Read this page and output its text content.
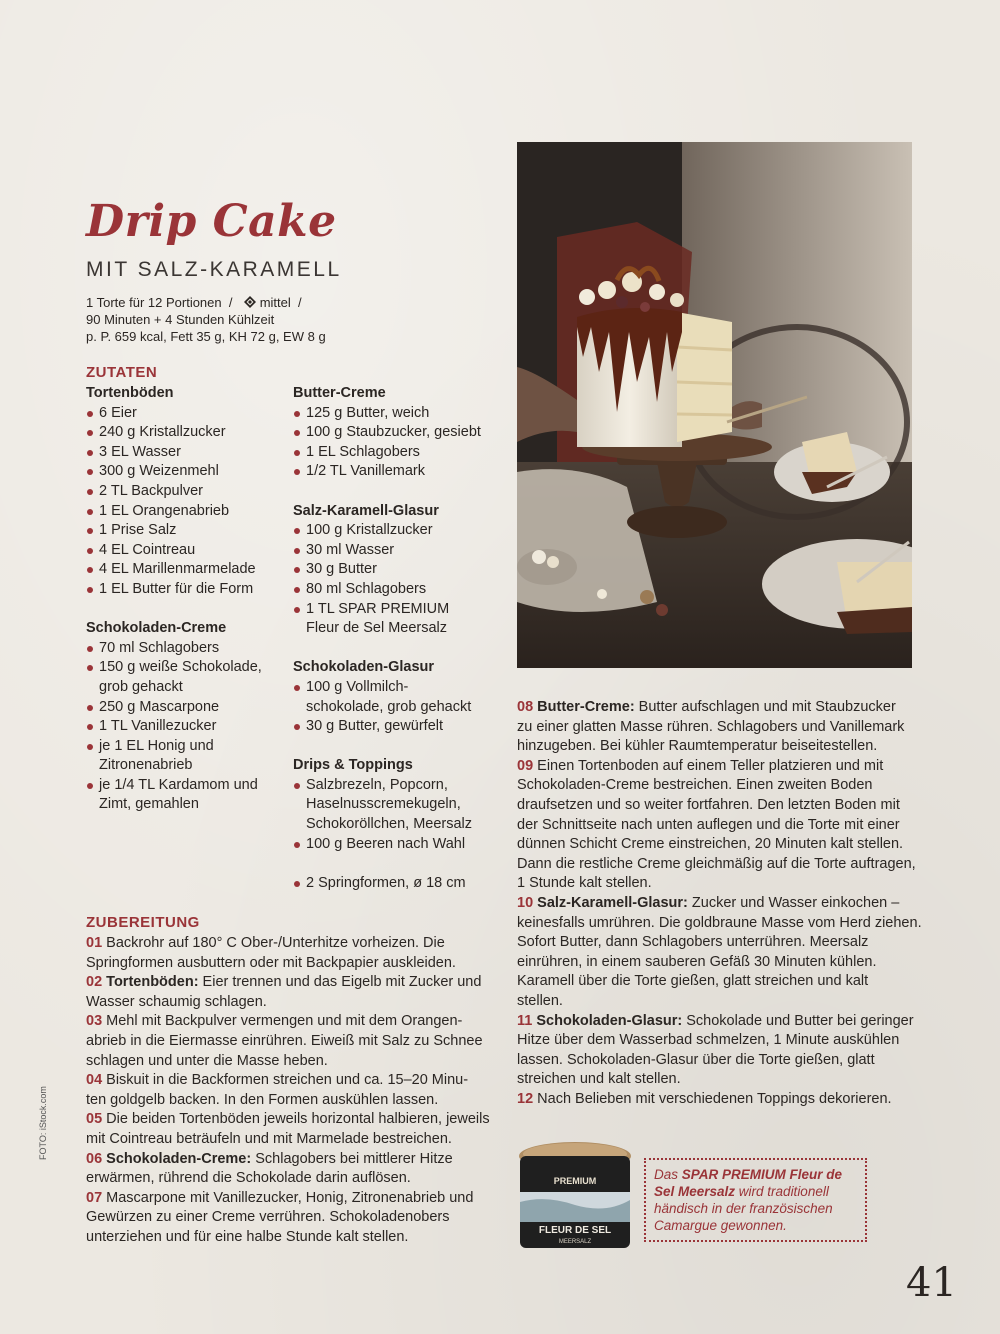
Drip Cake
MIT SALZ-KARAMELL
1 Torte für 12 Portionen  /  mittel  /
90 Minuten + 4 Stunden Kühlzeit
p. P. 659 kcal, Fett 35 g, KH 72 g, EW 8 g
ZUTATEN
Tortenböden
6 Eier
240 g Kristallzucker
3 EL Wasser
300 g Weizenmehl
2 TL Backpulver
1 EL Orangenabrieb
1 Prise Salz
4 EL Cointreau
4 EL Marillenmarmelade
1 EL Butter für die Form
Schokoladen-Creme
70 ml Schlagobers
150 g weiße Schokolade,
grob gehackt
250 g Mascarpone
1 TL Vanillezucker
je 1 EL Honig und
Zitronenabrieb
je 1/4 TL Kardamom und
Zimt, gemahlen
Butter-Creme
125 g Butter, weich
100 g Staubzucker, gesiebt
1 EL Schlagobers
1/2 TL Vanillemark
Salz-Karamell-Glasur
100 g Kristallzucker
30 ml Wasser
30 g Butter
80 ml Schlagobers
1 TL SPAR PREMIUM
Fleur de Sel Meersalz
Schokoladen-Glasur
100 g Vollmilch-
schokolade, grob gehackt
30 g Butter, gewürfelt
Drips & Toppings
Salzbrezeln, Popcorn,
Haselnusscremekugeln,
Schokoröllchen, Meersalz
100 g Beeren nach Wahl
2 Springformen, ø 18 cm
ZUBEREITUNG
01 Backrohr auf 180° C Ober-/Unterhitze vorheizen. Die
Springformen ausbuttern oder mit Backpapier auskleiden.
02 Tortenböden: Eier trennen und das Eigelb mit Zucker und
Wasser schaumig schlagen.
03 Mehl mit Backpulver vermengen und mit dem Orangen-
abrieb in die Eiermasse einrühren. Eiweiß mit Salz zu Schnee
schlagen und unter die Masse heben.
04 Biskuit in die Backformen streichen und ca. 15–20 Minu-
ten goldgelb backen. In den Formen auskühlen lassen.
05 Die beiden Tortenböden jeweils horizontal halbieren, jeweils
mit Cointreau beträufeln und mit Marmelade bestreichen.
06 Schokoladen-Creme: Schlagobers bei mittlerer Hitze
erwärmen, rührend die Schokolade darin auflösen.
07 Mascarpone mit Vanillezucker, Honig, Zitronenabrieb und
Gewürzen zu einer Creme verrühren. Schokoladenobers
unterziehen und für eine halbe Stunde kalt stellen.
08 Butter-Creme: Butter aufschlagen und mit Staubzucker
zu einer glatten Masse rühren. Schlagobers und Vanillemark
hinzugeben. Bei kühler Raumtemperatur beiseitestellen.
09 Einen Tortenboden auf einem Teller platzieren und mit
Schokoladen-Creme bestreichen. Einen zweiten Boden
draufsetzen und so weiter fortfahren. Den letzten Boden mit
der Schnittseite nach unten auflegen und die Torte mit einer
dünnen Schicht Creme einstreichen, 20 Minuten kalt stellen.
Dann die restliche Creme gleichmäßig auf die Torte auftragen,
1 Stunde kalt stellen.
10 Salz-Karamell-Glasur: Zucker und Wasser einkochen –
keinesfalls umrühren. Die goldbraune Masse vom Herd ziehen.
Sofort Butter, dann Schlagobers unterrühren. Meersalz
einrühren, in einem sauberen Gefäß 30 Minuten kühlen.
Karamell über die Torte gießen, glatt streichen und kalt
stellen.
11 Schokoladen-Glasur: Schokolade und Butter bei geringer
Hitze über dem Wasserbad schmelzen, 1 Minute auskühlen
lassen. Schokoladen-Glasur über die Torte gießen, glatt
streichen und kalt stellen.
12 Nach Belieben mit verschiedenen Toppings dekorieren.
PREMIUM
FLEUR DE SEL
MEERSALZ
Das SPAR PREMIUM Fleur de
Sel Meersalz wird traditionell
händisch in der französischen
Camargue gewonnen.
FOTO: iStock.com
41
